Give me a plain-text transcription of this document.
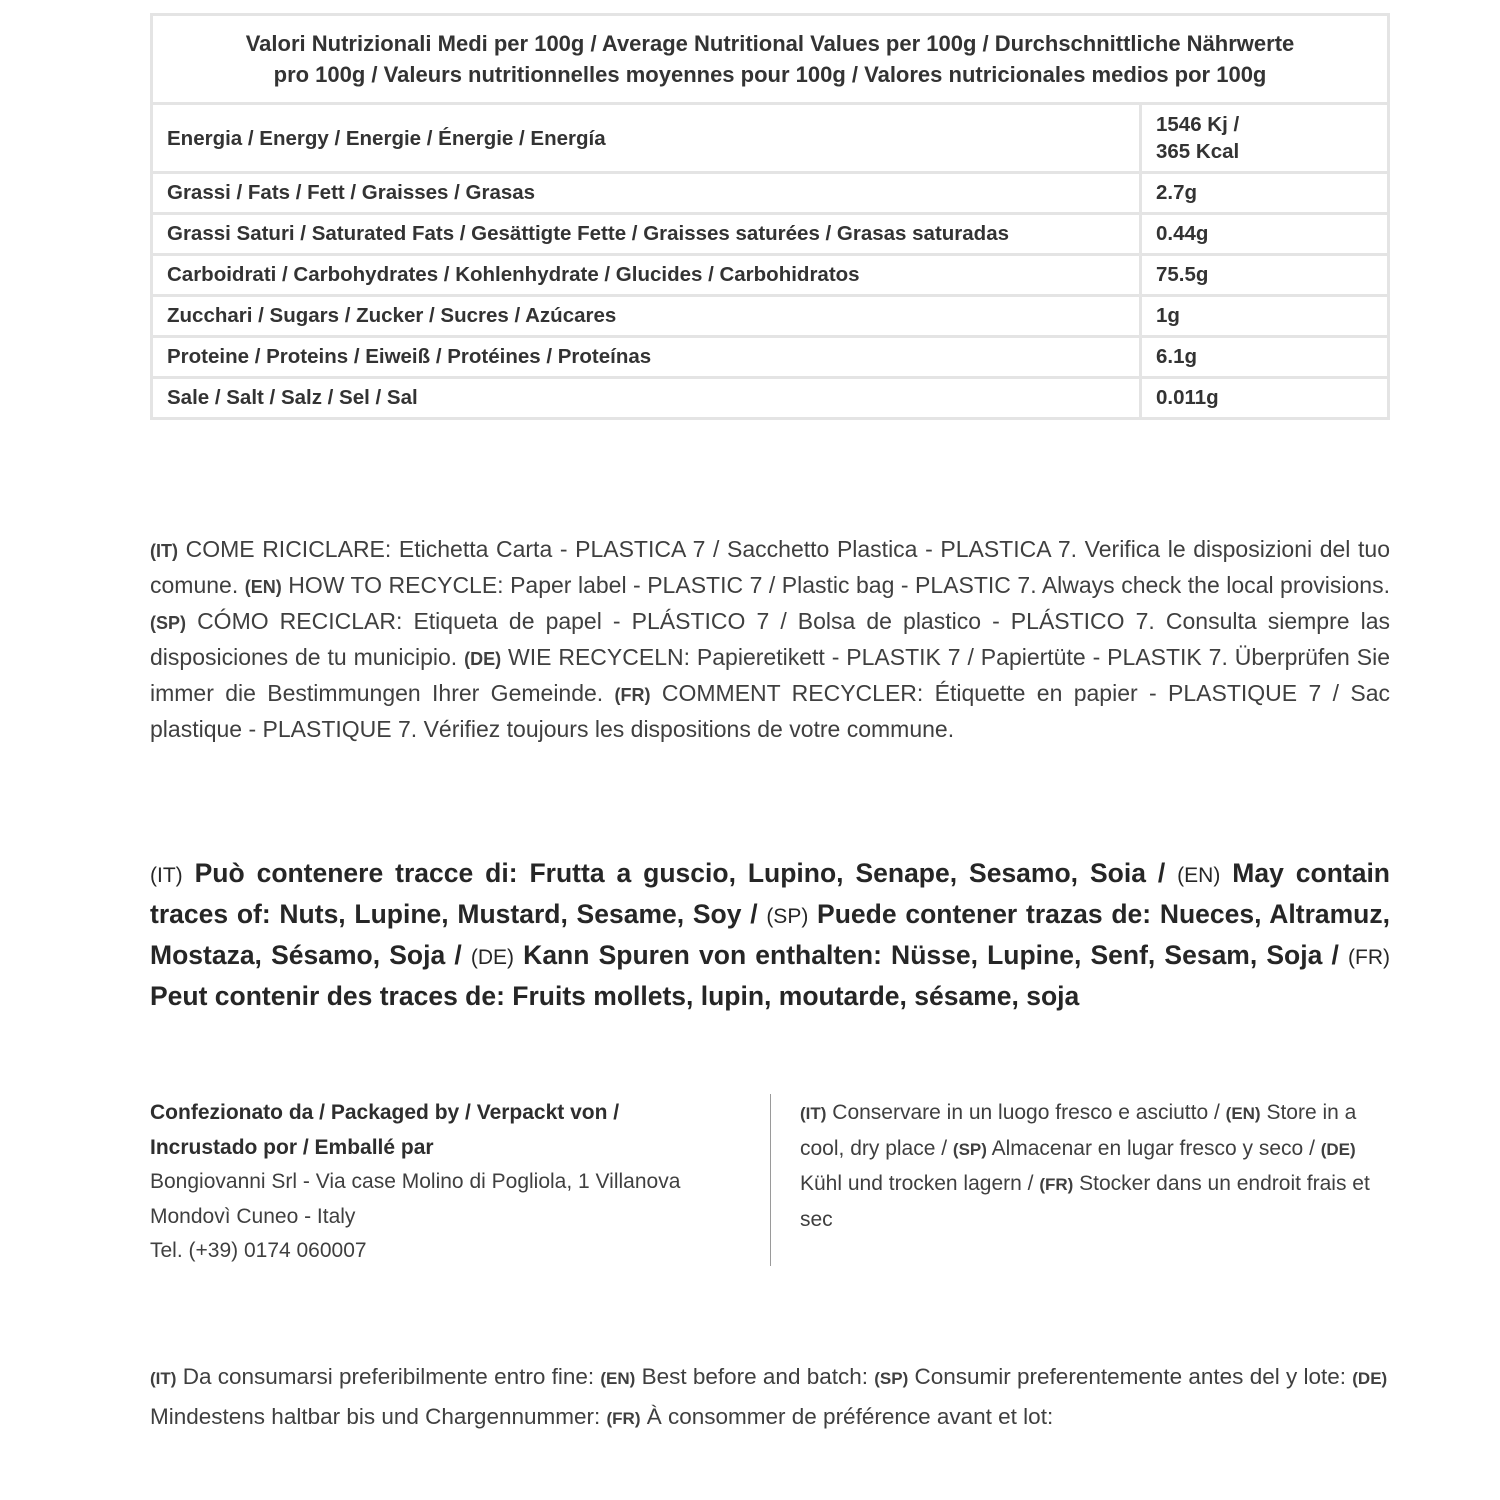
Valori Nutrizionali Medi per 100g / Average Nutritional Values per 100g / Durchschnittliche Nährwerte
pro 100g / Valeurs nutritionnelles moyennes pour 100g / Valores nutricionales medios por 100g	
Energia / Energy / Energie / Énergie / Energía	1546 Kj /
365 Kcal
Grassi / Fats / Fett / Graisses / Grasas	2.7g
Grassi Saturi / Saturated Fats / Gesättigte Fette / Graisses saturées / Grasas saturadas	0.44g
Carboidrati / Carbohydrates / Kohlenhydrate / Glucides / Carbohidratos	75.5g
Zucchari / Sugars / Zucker / Sucres / Azúcares	1g
Proteine / Proteins / Eiweiß / Protéines / Proteínas	6.1g
Sale / Salt / Salz / Sel / Sal	0.011g
(IT) COME RICICLARE: Etichetta Carta - PLASTICA 7 / Sacchetto Plastica - PLASTICA 7. Verifica le disposizioni del tuo comune. (EN) HOW TO RECYCLE: Paper label - PLASTIC 7 / Plastic bag - PLASTIC 7. Always check the local provisions. (SP) CÓMO RECICLAR: Etiqueta de papel - PLÁSTICO 7 / Bolsa de plastico - PLÁSTICO 7. Consulta siempre las disposiciones de tu municipio. (DE) WIE RECYCELN: Papieretikett - PLASTIK 7 / Papiertüte - PLASTIK 7. Überprüfen Sie immer die Bestimmungen Ihrer Gemeinde. (FR) COMMENT RECYCLER: Étiquette en papier - PLASTIQUE 7 / Sac plastique - PLASTIQUE 7. Vérifiez toujours les dispositions de votre commune.
(IT) Può contenere tracce di: Frutta a guscio, Lupino, Senape, Sesamo, Soia / (EN) May contain traces of: Nuts, Lupine, Mustard, Sesame, Soy / (SP) Puede contener trazas de: Nueces, Altramuz, Mostaza, Sésamo, Soja / (DE) Kann Spuren von enthalten: Nüsse, Lupine, Senf, Sesam, Soja / (FR) Peut contenir des traces de: Fruits mollets, lupin, moutarde, sésame, soja
Confezionato da / Packaged by / Verpackt von /
Incrustado por / Emballé par
Bongiovanni Srl - Via case Molino di Pogliola, 1 Villanova
Mondovì Cuneo - Italy
Tel. (+39) 0174 060007
(IT) Conservare in un luogo fresco e asciutto / (EN) Store in a cool, dry place / (SP) Almacenar en lugar fresco y seco / (DE) Kühl und trocken lagern / (FR) Stocker dans un endroit frais et sec
(IT) Da consumarsi preferibilmente entro fine: (EN) Best before and batch: (SP) Consumir preferentemente antes del y lote: (DE) Mindestens haltbar bis und Chargennummer: (FR) À consommer de préférence avant et lot:
